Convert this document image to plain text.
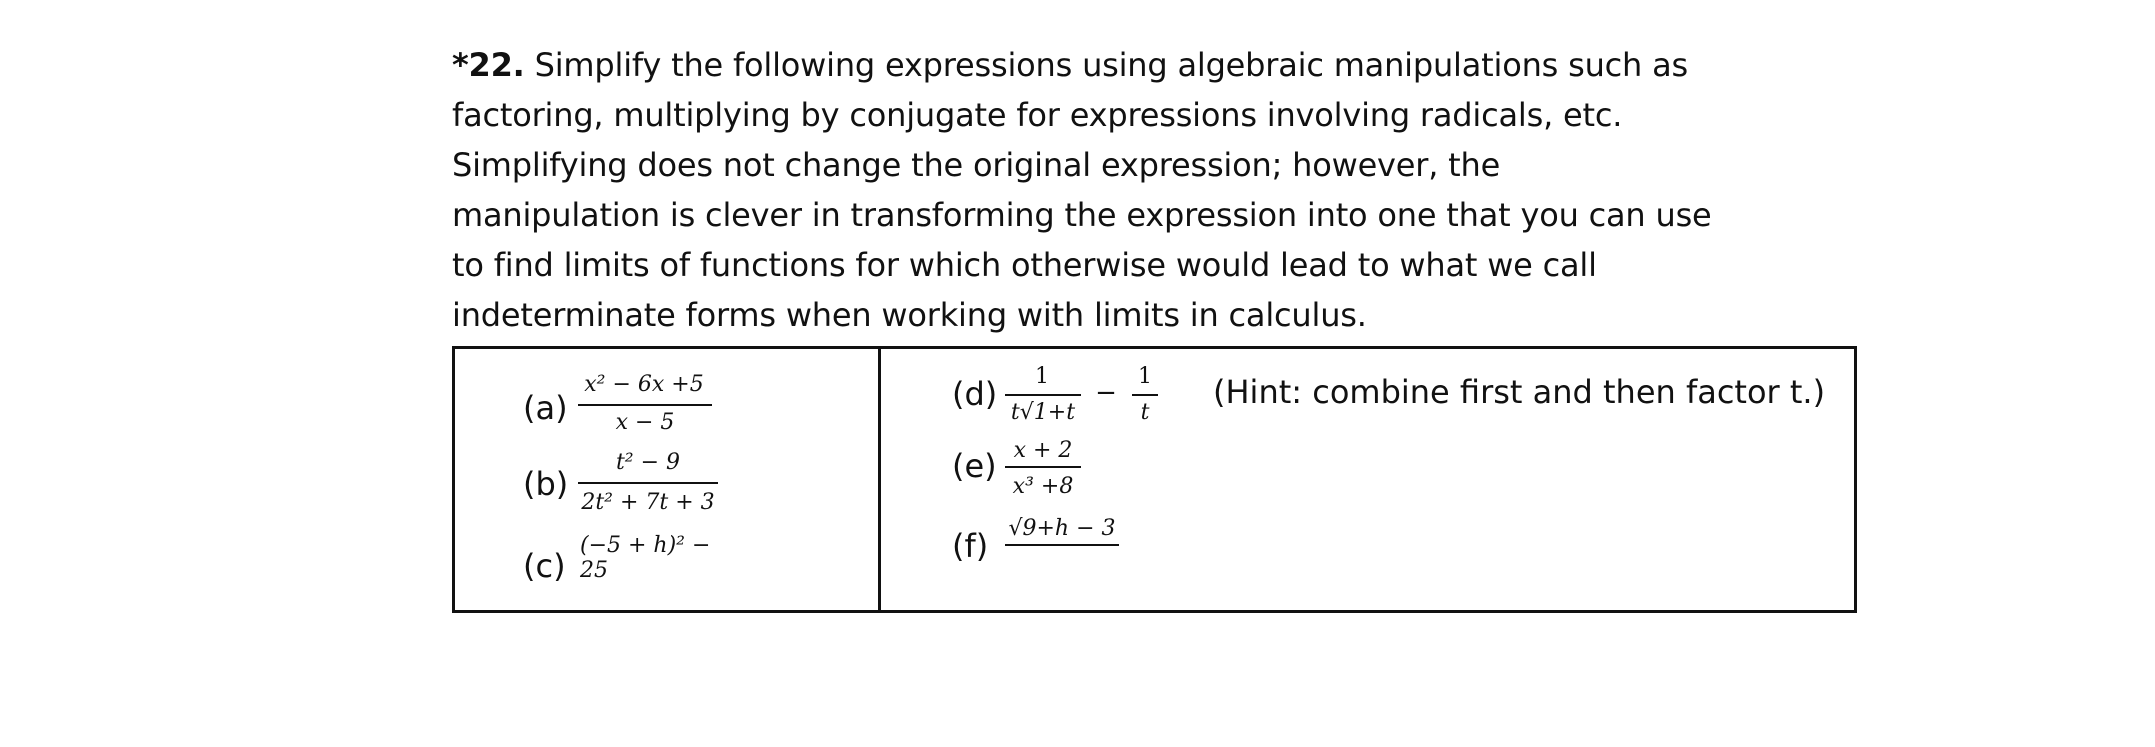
*22. Simplify the following expressions using algebraic manipulations such as factoring, multiplying by conjugate for expressions involving radicals, etc. Simplifying does not change the original expression; however, the manipulation is clever in transforming the expression into one that you can use to find limits of functions for which otherwise would lead to what we call indeterminate forms when working with limits in calculus.
(a)
x² − 6x +5
x − 5
(b)
t² − 9
2t² + 7t + 3
(c)
(−5 + h)² − 25
(d)	1
t√1+t
−
1
t
(Hint: combine first and then factor t.)
(e) x + 2
x³ +8
(f) √9+h − 3
